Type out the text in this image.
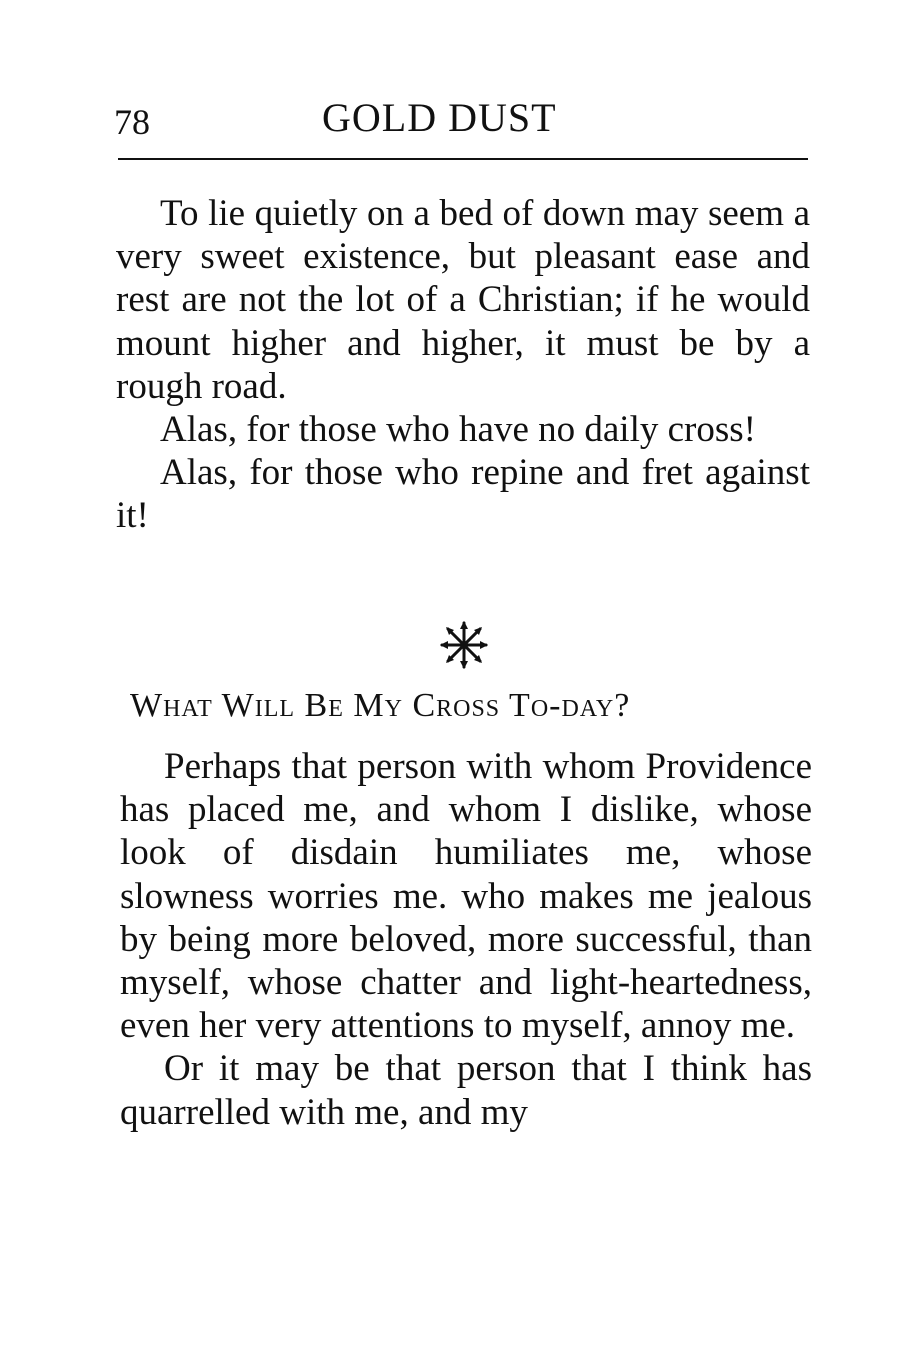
78	GOLD DUST

To lie quietly on a bed of down may seem a very sweet existence, but pleasant ease and rest are not the lot of a Christian; if he would mount higher and higher, it must be by a rough road.

Alas, for those who have no daily cross!

Alas, for those who repine and fret against it!

What Will Be My Cross To-day?

Perhaps that person with whom Providence has placed me, and whom I dislike, whose look of disdain humiliates me, whose slowness worries me. who makes me jealous by being more beloved, more successful, than myself, whose chatter and light-heartedness, even her very attentions to myself, annoy me.

Or it may be that person that I think has quarrelled with me, and my
